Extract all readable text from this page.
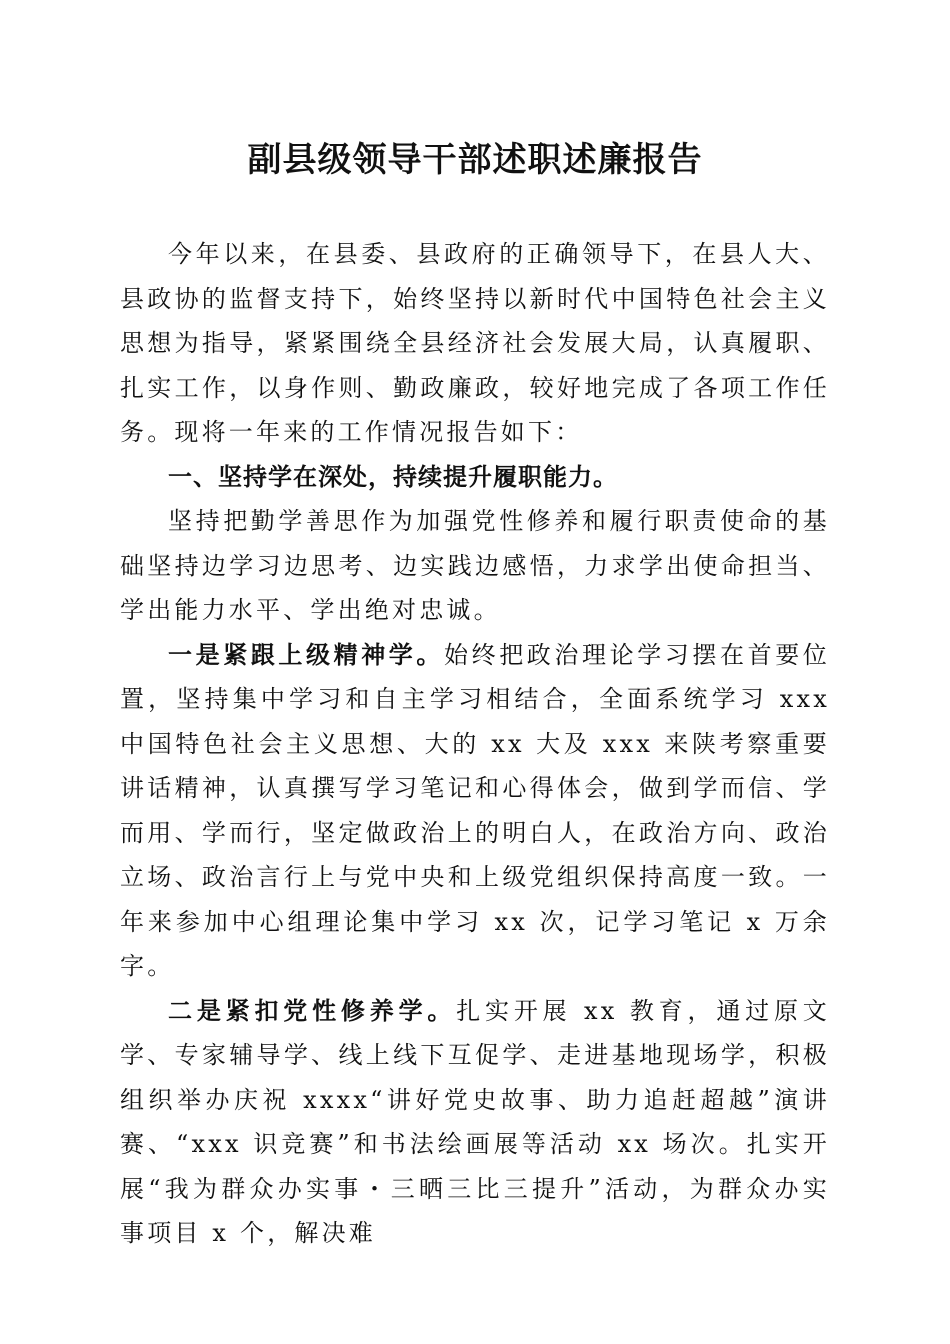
副县级领导干部述职述廉报告

今年以来，在县委、县政府的正确领导下，在县人大、县政协的监督支持下，始终坚持以新时代中国特色社会主义思想为指导，紧紧围绕全县经济社会发展大局，认真履职、扎实工作，以身作则、勤政廉政，较好地完成了各项工作任务。现将一年来的工作情况报告如下：

一、坚持学在深处，持续提升履职能力。

坚持把勤学善思作为加强党性修养和履行职责使命的基础坚持边学习边思考、边实践边感悟，力求学出使命担当、学出能力水平、学出绝对忠诚。

一是紧跟上级精神学。始终把政治理论学习摆在首要位置，坚持集中学习和自主学习相结合，全面系统学习 xxx 中国特色社会主义思想、大的 xx 大及 xxx 来陕考察重要讲话精神，认真撰写学习笔记和心得体会，做到学而信、学而用、学而行，坚定做政治上的明白人，在政治方向、政治立场、政治言行上与党中央和上级党组织保持高度一致。一年来参加中心组理论集中学习 xx 次，记学习笔记 x 万余字。

二是紧扣党性修养学。扎实开展 xx 教育，通过原文学、专家辅导学、线上线下互促学、走进基地现场学，积极组织举办庆祝 xxxx“讲好党史故事、助力追赶超越”演讲赛、“xxx 识竞赛”和书法绘画展等活动 xx 场次。扎实开展“我为群众办实事・三晒三比三提升”活动，为群众办实事项目 x 个，解决难
